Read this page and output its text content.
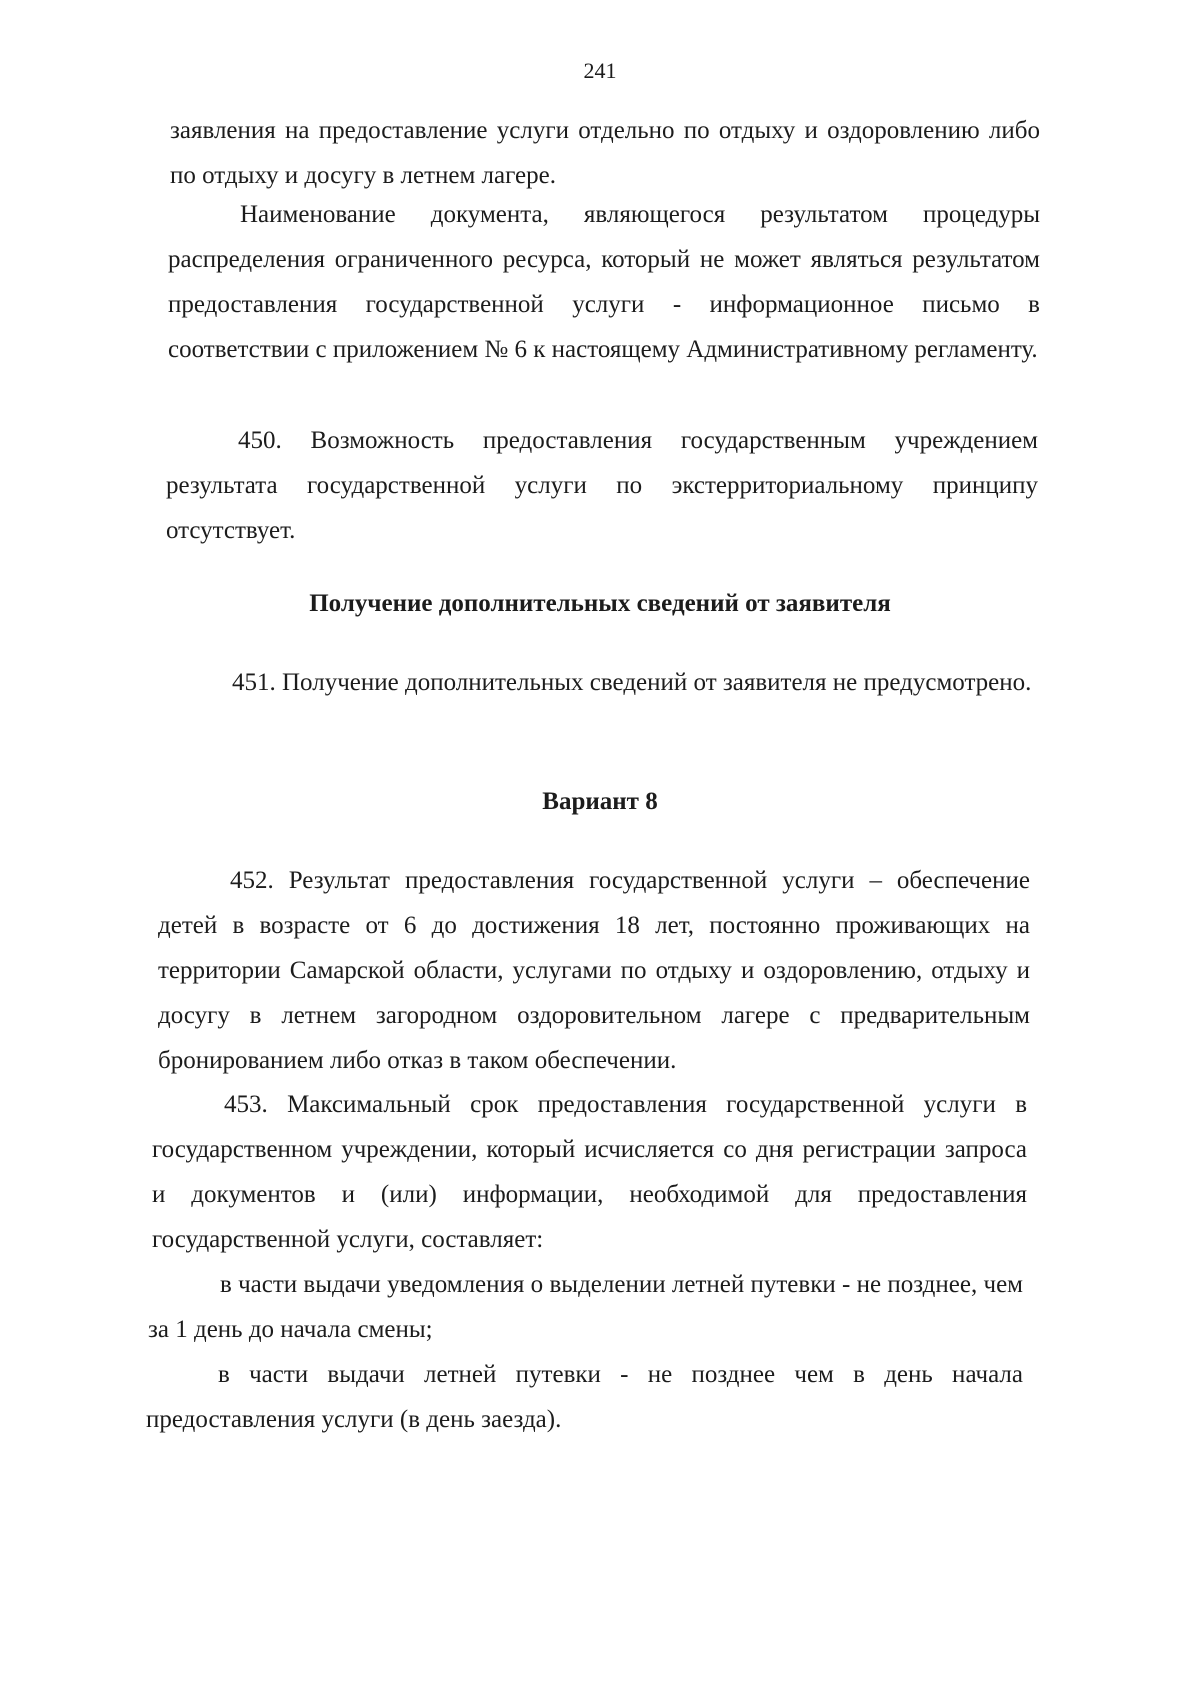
241

заявления на предоставление услуги отдельно по отдыху и оздоровлению либо по отдыху и досугу в летнем лагере.

Наименование документа, являющегося результатом процедуры распределения ограниченного ресурса, который не может являться результатом предоставления государственной услуги - информационное письмо в соответствии с приложением № 6 к настоящему Административному регламенту.

450. Возможность предоставления государственным учреждением результата государственной услуги по экстерриториальному принципу отсутствует.

Получение дополнительных сведений от заявителя

451. Получение дополнительных сведений от заявителя не предусмотрено.

Вариант 8

452. Результат предоставления государственной услуги – обеспечение детей в возрасте от 6 до достижения 18 лет, постоянно проживающих на территории Самарской области, услугами по отдыху и оздоровлению, отдыху и досугу в летнем загородном оздоровительном лагере с предварительным бронированием либо отказ в таком обеспечении.

453. Максимальный срок предоставления государственной услуги в государственном учреждении, который исчисляется со дня регистрации запроса и документов и (или) информации, необходимой для предоставления государственной услуги, составляет:

в части выдачи уведомления о выделении летней путевки - не позднее, чем за 1 день до начала смены;

в части выдачи летней путевки - не позднее чем в день начала предоставления услуги (в день заезда).
